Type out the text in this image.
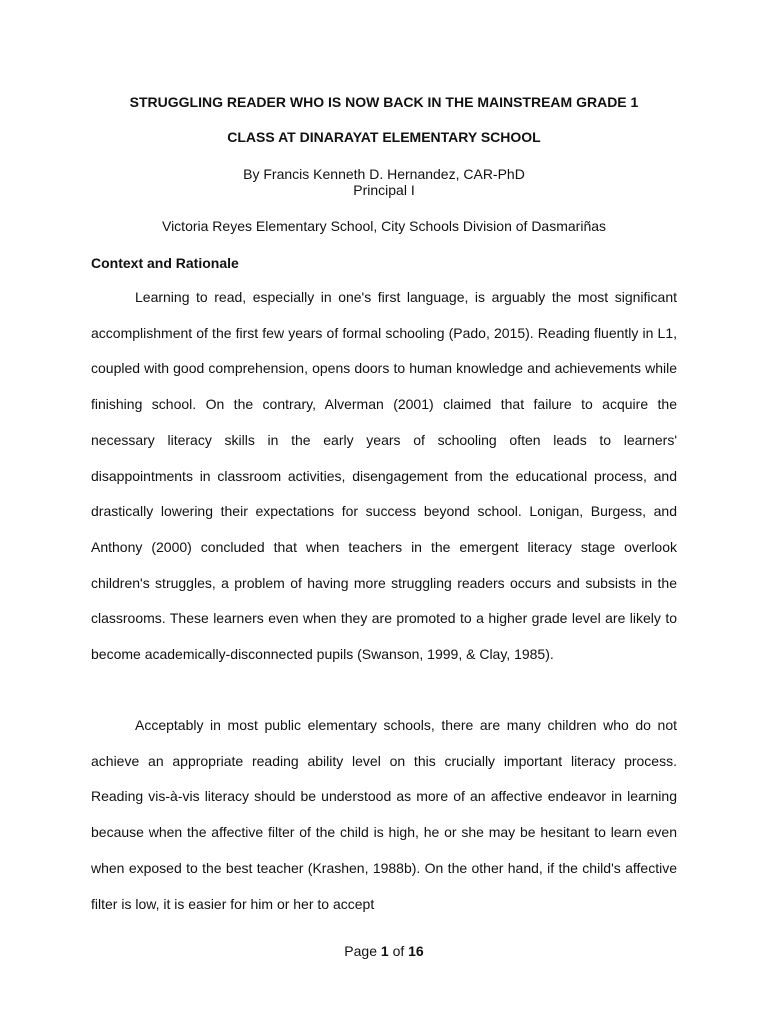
STRUGGLING READER WHO IS NOW BACK IN THE MAINSTREAM GRADE 1
CLASS AT DINARAYAT ELEMENTARY SCHOOL
By Francis Kenneth D. Hernandez, CAR-PhD
Principal I
Victoria Reyes Elementary School, City Schools Division of Dasmariñas
Context and Rationale

Learning to read, especially in one's first language, is arguably the most significant accomplishment of the first few years of formal schooling (Pado, 2015). Reading fluently in L1, coupled with good comprehension, opens doors to human knowledge and achievements while finishing school. On the contrary, Alverman (2001) claimed that failure to acquire the necessary literacy skills in the early years of schooling often leads to learners' disappointments in classroom activities, disengagement from the educational process, and drastically lowering their expectations for success beyond school. Lonigan, Burgess, and Anthony (2000) concluded that when teachers in the emergent literacy stage overlook children's struggles, a problem of having more struggling readers occurs and subsists in the classrooms. These learners even when they are promoted to a higher grade level are likely to become academically-disconnected pupils (Swanson, 1999, & Clay, 1985).

Acceptably in most public elementary schools, there are many children who do not achieve an appropriate reading ability level on this crucially important literacy process. Reading vis-à-vis literacy should be understood as more of an affective endeavor in learning because when the affective filter of the child is high, he or she may be hesitant to learn even when exposed to the best teacher (Krashen, 1988b). On the other hand, if the child's affective filter is low, it is easier for him or her to accept

Page 1 of 16
